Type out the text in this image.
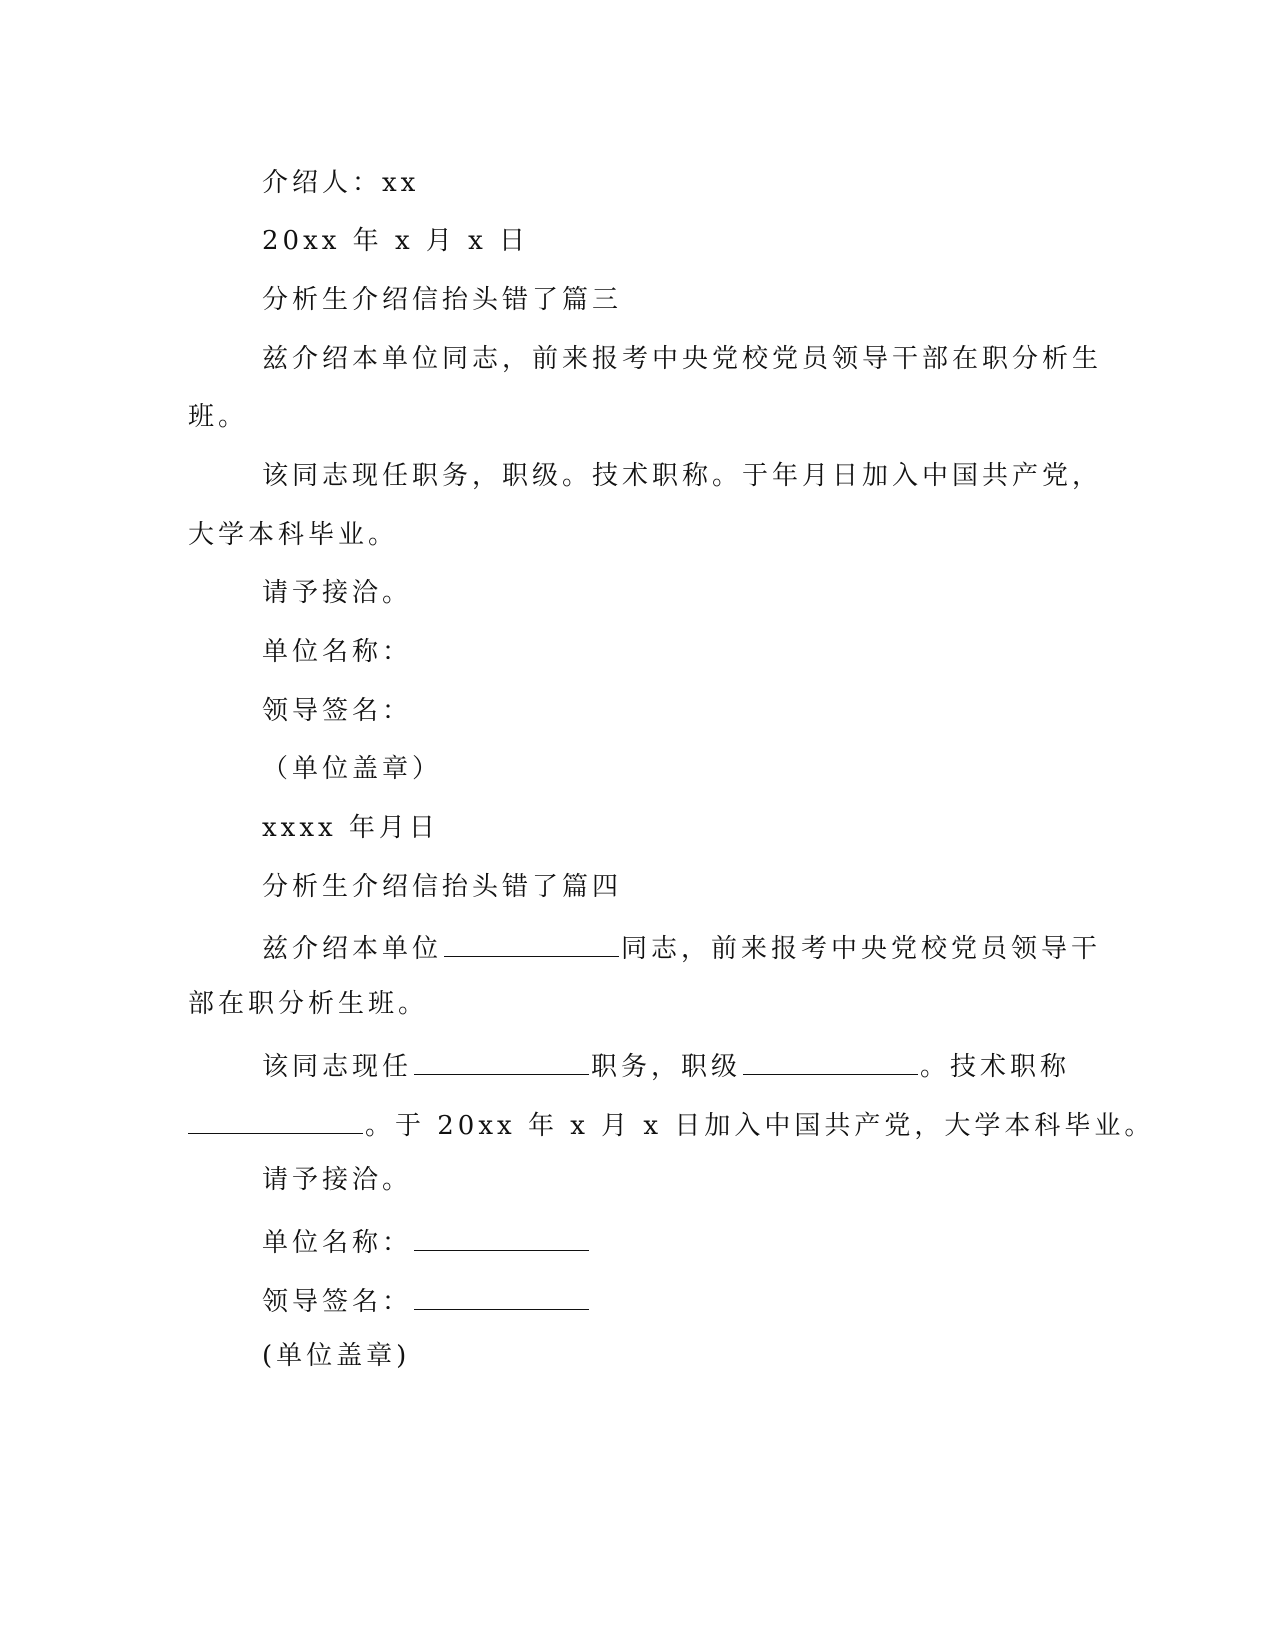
介绍人：xx
20xx 年 x 月 x 日
分析生介绍信抬头错了篇三
兹介绍本单位同志，前来报考中央党校党员领导干部在职分析生
班。
该同志现任职务，职级。技术职称。于年月日加入中国共产党，
大学本科毕业。
请予接洽。
单位名称：
领导签名：
（单位盖章）
xxxx 年月日
分析生介绍信抬头错了篇四
兹介绍本单位	同志，前来报考中央党校党员领导干
部在职分析生班。
该同志现任	职务，职级	。技术职称
。于 20xx 年 x 月 x 日加入中国共产党，大学本科毕业。
请予接洽。
单位名称：
领导签名：
(单位盖章)
